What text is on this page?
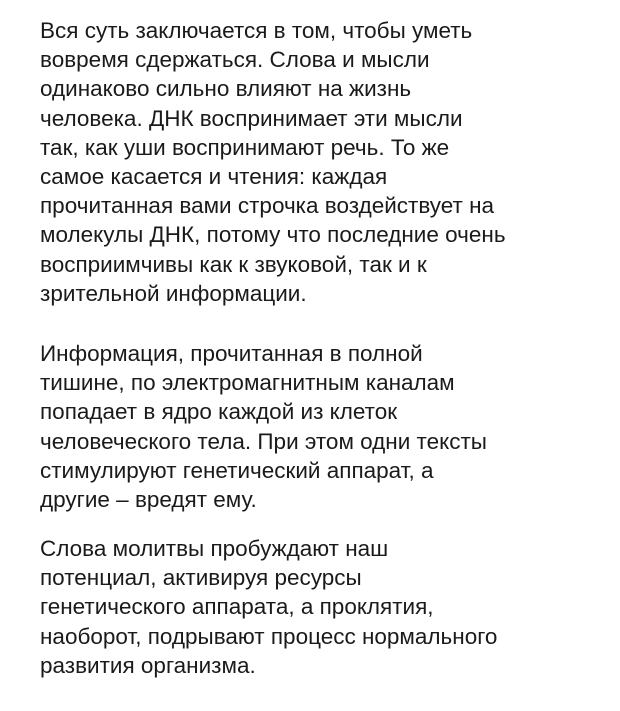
Вся суть заключается в том, чтобы уметь
вовремя сдержаться. Слова и мысли
одинаково сильно влияют на жизнь
человека. ДНК воспринимает эти мысли
так, как уши воспринимают речь. То же
самое касается и чтения: каждая
прочитанная вами строчка воздействует на
молекулы ДНК, потому что последние очень
восприимчивы как к звуковой, так и к
зрительной информации.
Информация, прочитанная в полной
тишине, по электромагнитным каналам
попадает в ядро каждой из клеток
человеческого тела. При этом одни тексты
стимулируют генетический аппарат, а
другие – вредят ему.
Слова молитвы пробуждают наш
потенциал, активируя ресурсы
генетического аппарата, а проклятия,
наоборот, подрывают процесс нормального
развития организма.
